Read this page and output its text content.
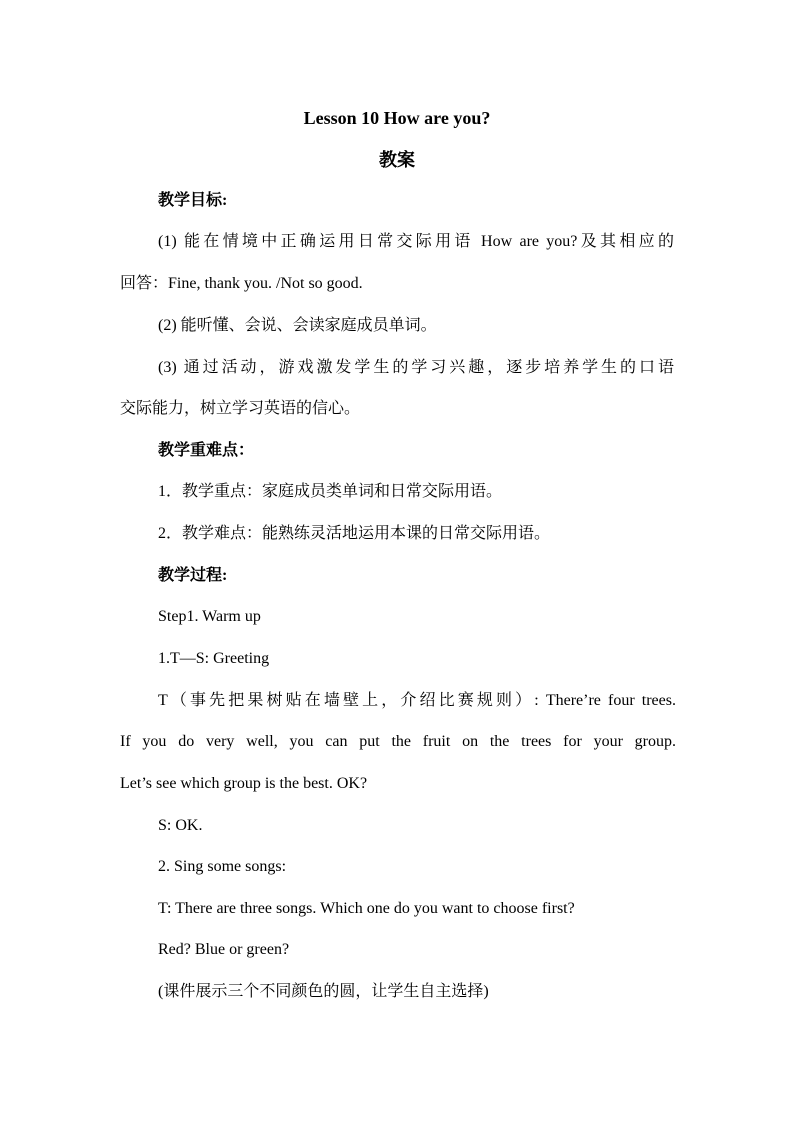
Lesson 10 How are you?
教案
教学目标:
(1) 能在情境中正确运用日常交际用语 How are you?及其相应的
回答：Fine, thank you. /Not so good.
(2) 能听懂、会说、会读家庭成员单词。
(3) 通过活动，游戏激发学生的学习兴趣，逐步培养学生的口语
交际能力，树立学习英语的信心。
教学重难点：
1．教学重点：家庭成员类单词和日常交际用语。
2．教学难点：能熟练灵活地运用本课的日常交际用语。
教学过程:
Step1. Warm up
1.T—S: Greeting
T（事先把果树贴在墙壁上，介绍比赛规则）: There’re four trees.
If you do very well, you can put the fruit on the trees for your group.
Let’s see which group is the best. OK?
S: OK.
2. Sing some songs:
T: There are three songs. Which one do you want to choose first?
Red? Blue or green?
(课件展示三个不同颜色的圆，让学生自主选择)
